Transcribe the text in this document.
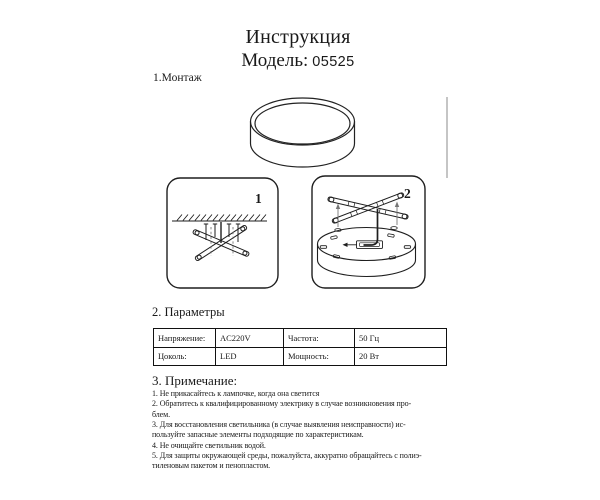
Инструкция
Модель: 05525
1.Монтаж
1	2
2. Параметры
Напряжение:	AC220V	Частота:	50 Гц
Цоколь:	LED	Мощность:	20 Вт
3. Примечание:
1. Не прикасайтесь к лампочке, когда она светится
2. Обратитесь к квалифицированному электрику в случае возникновения про-
блем.
3. Для восстановления светильника (в случае выявления неисправности) ис-
пользуйте запасные элементы подходящие по характеристикам.
4. Не очищайте светильник водой.
5. Для защиты окружающей среды, пожалуйста, аккуратно обращайтесь с полиэ-
тиленовым пакетом и пенопластом.
